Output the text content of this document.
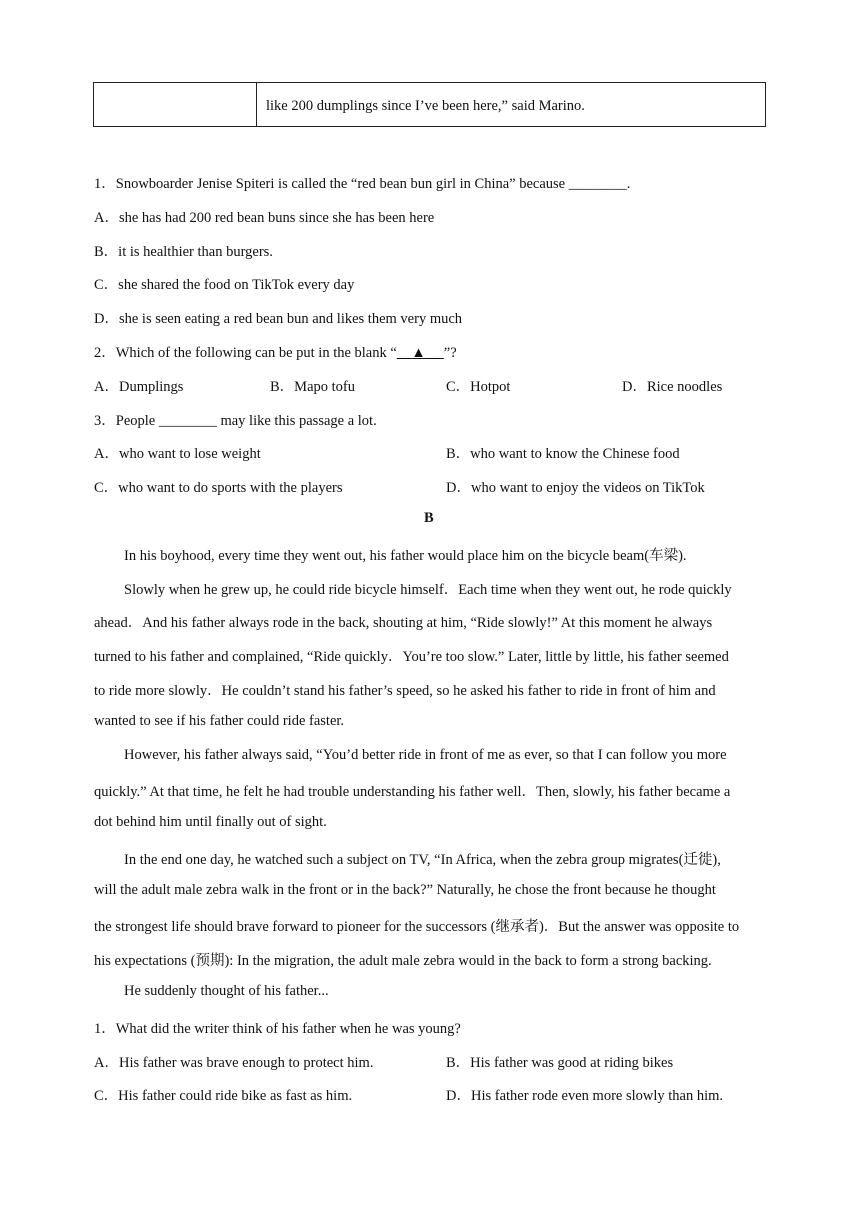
like 200 dumplings since I’ve been here,” said Marino.
1．Snowboarder Jenise Spiteri is called the “red bean bun girl in China” because ________.
A．she has had 200 red bean buns since she has been here
B．it is healthier than burgers.
C．she shared the food on TikTok every day
D．she is seen eating a red bean bun and likes them very much
2．Which of the following can be put in the blank “ ▲ ”?
A．Dumplings	B．Mapo tofu	C．Hotpot	D．Rice noodles
3．People ________ may like this passage a lot.
A．who want to lose weight	B．who want to know the Chinese food
C．who want to do sports with the players	D．who want to enjoy the videos on TikTok
B
In his boyhood, every time they went out, his father would place him on the bicycle beam(车梁).
Slowly when he grew up, he could ride bicycle himself．Each time when they went out, he rode quickly
ahead．And his father always rode in the back, shouting at him, “Ride slowly!” At this moment he always
turned to his father and complained, “Ride quickly．You’re too slow.” Later, little by little, his father seemed
to ride more slowly．He couldn’t stand his father’s speed, so he asked his father to ride in front of him and
wanted to see if his father could ride faster.
However, his father always said, “You’d better ride in front of me as ever, so that I can follow you more
quickly.” At that time, he felt he had trouble understanding his father well．Then, slowly, his father became a
dot behind him until finally out of sight.
In the end one day, he watched such a subject on TV, “In Africa, when the zebra group migrates(迁徙),
will the adult male zebra walk in the front or in the back?” Naturally, he chose the front because he thought
the strongest life should brave forward to pioneer for the successors (继承者)．But the answer was opposite to
his expectations (预期): In the migration, the adult male zebra would in the back to form a strong backing.
He suddenly thought of his father...
1．What did the writer think of his father when he was young?
A．His father was brave enough to protect him.	B．His father was good at riding bikes
C．His father could ride bike as fast as him.	D．His father rode even more slowly than him.
